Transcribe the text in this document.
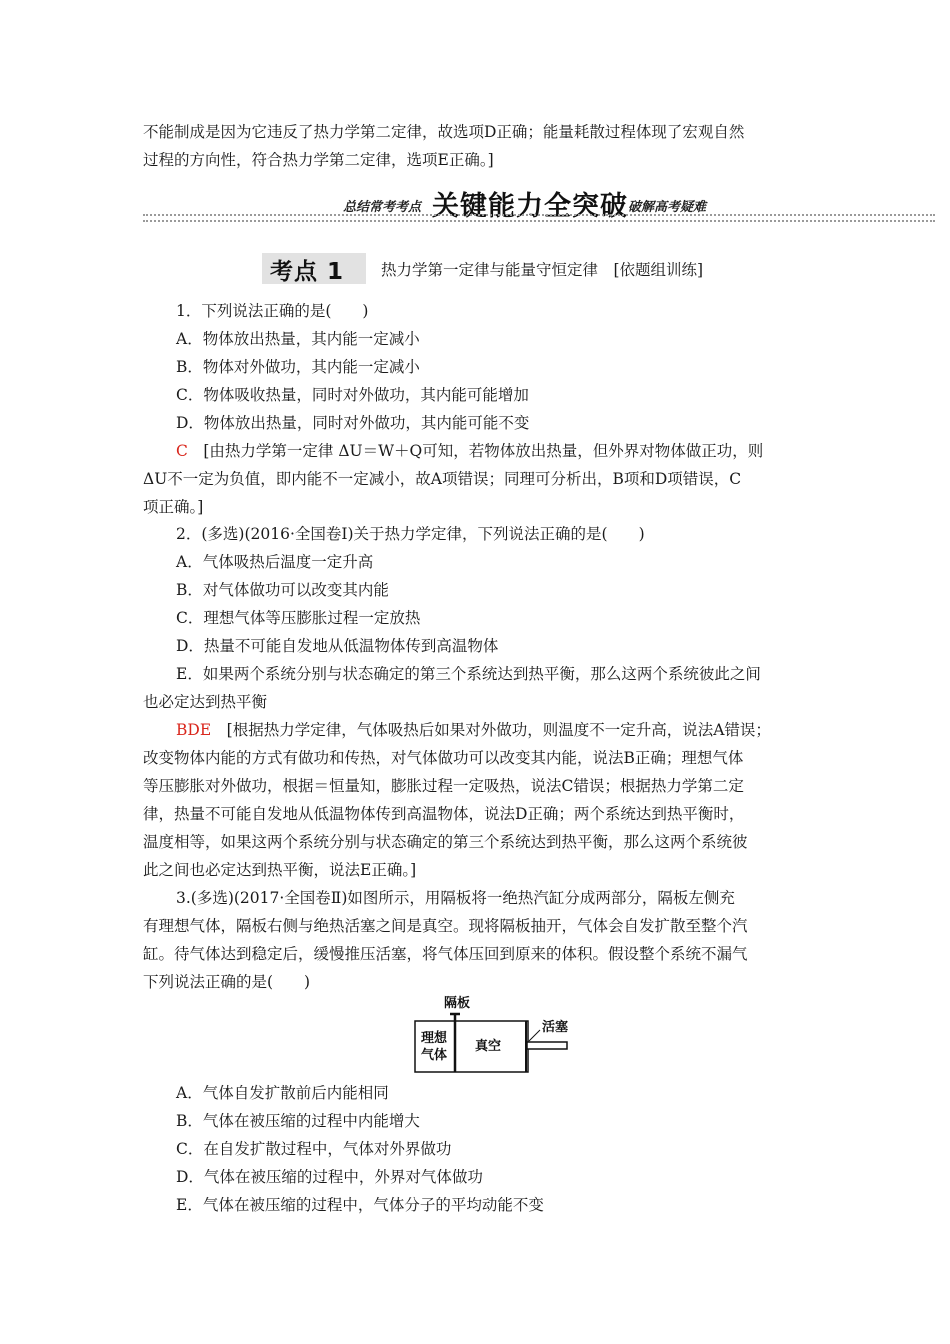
不能制成是因为它违反了热力学第二定律，故选项D正确；能量耗散过程体现了宏观自然
过程的方向性，符合热力学第二定律，选项E正确。]
总结常考考点 关键能力全突破 破解高考疑难
考点 1 热力学第一定律与能量守恒定律　[依题组训练]
1．下列说法正确的是(　　)
A．物体放出热量，其内能一定减小
B．物体对外做功，其内能一定减小
C．物体吸收热量，同时对外做功，其内能可能增加
D．物体放出热量，同时对外做功，其内能可能不变
C　[由热力学第一定律 ΔU＝W＋Q可知，若物体放出热量，但外界对物体做正功，则
ΔU不一定为负值，即内能不一定减小，故A项错误；同理可分析出，B项和D项错误，C
项正确。]
2．(多选)(2016·全国卷Ⅰ)关于热力学定律，下列说法正确的是(　　)
A．气体吸热后温度一定升高
B．对气体做功可以改变其内能
C．理想气体等压膨胀过程一定放热
D．热量不可能自发地从低温物体传到高温物体
E．如果两个系统分别与状态确定的第三个系统达到热平衡，那么这两个系统彼此之间
也必定达到热平衡
BDE　[根据热力学定律，气体吸热后如果对外做功，则温度不一定升高，说法A错误；
改变物体内能的方式有做功和传热，对气体做功可以改变其内能，说法B正确；理想气体
等压膨胀对外做功，根据＝恒量知，膨胀过程一定吸热，说法C错误；根据热力学第二定
律，热量不可能自发地从低温物体传到高温物体，说法D正确；两个系统达到热平衡时，
温度相等，如果这两个系统分别与状态确定的第三个系统达到热平衡，那么这两个系统彼
此之间也必定达到热平衡，说法E正确。]
3.(多选)(2017·全国卷Ⅱ)如图所示，用隔板将一绝热汽缸分成两部分，隔板左侧充
有理想气体，隔板右侧与绝热活塞之间是真空。现将隔板抽开，气体会自发扩散至整个汽
缸。待气体达到稳定后，缓慢推压活塞，将气体压回到原来的体积。假设整个系统不漏气
下列说法正确的是(　　)
隔板
活塞
理想
气体
真空
A．气体自发扩散前后内能相同
B．气体在被压缩的过程中内能增大
C．在自发扩散过程中，气体对外界做功
D．气体在被压缩的过程中，外界对气体做功
E．气体在被压缩的过程中，气体分子的平均动能不变
